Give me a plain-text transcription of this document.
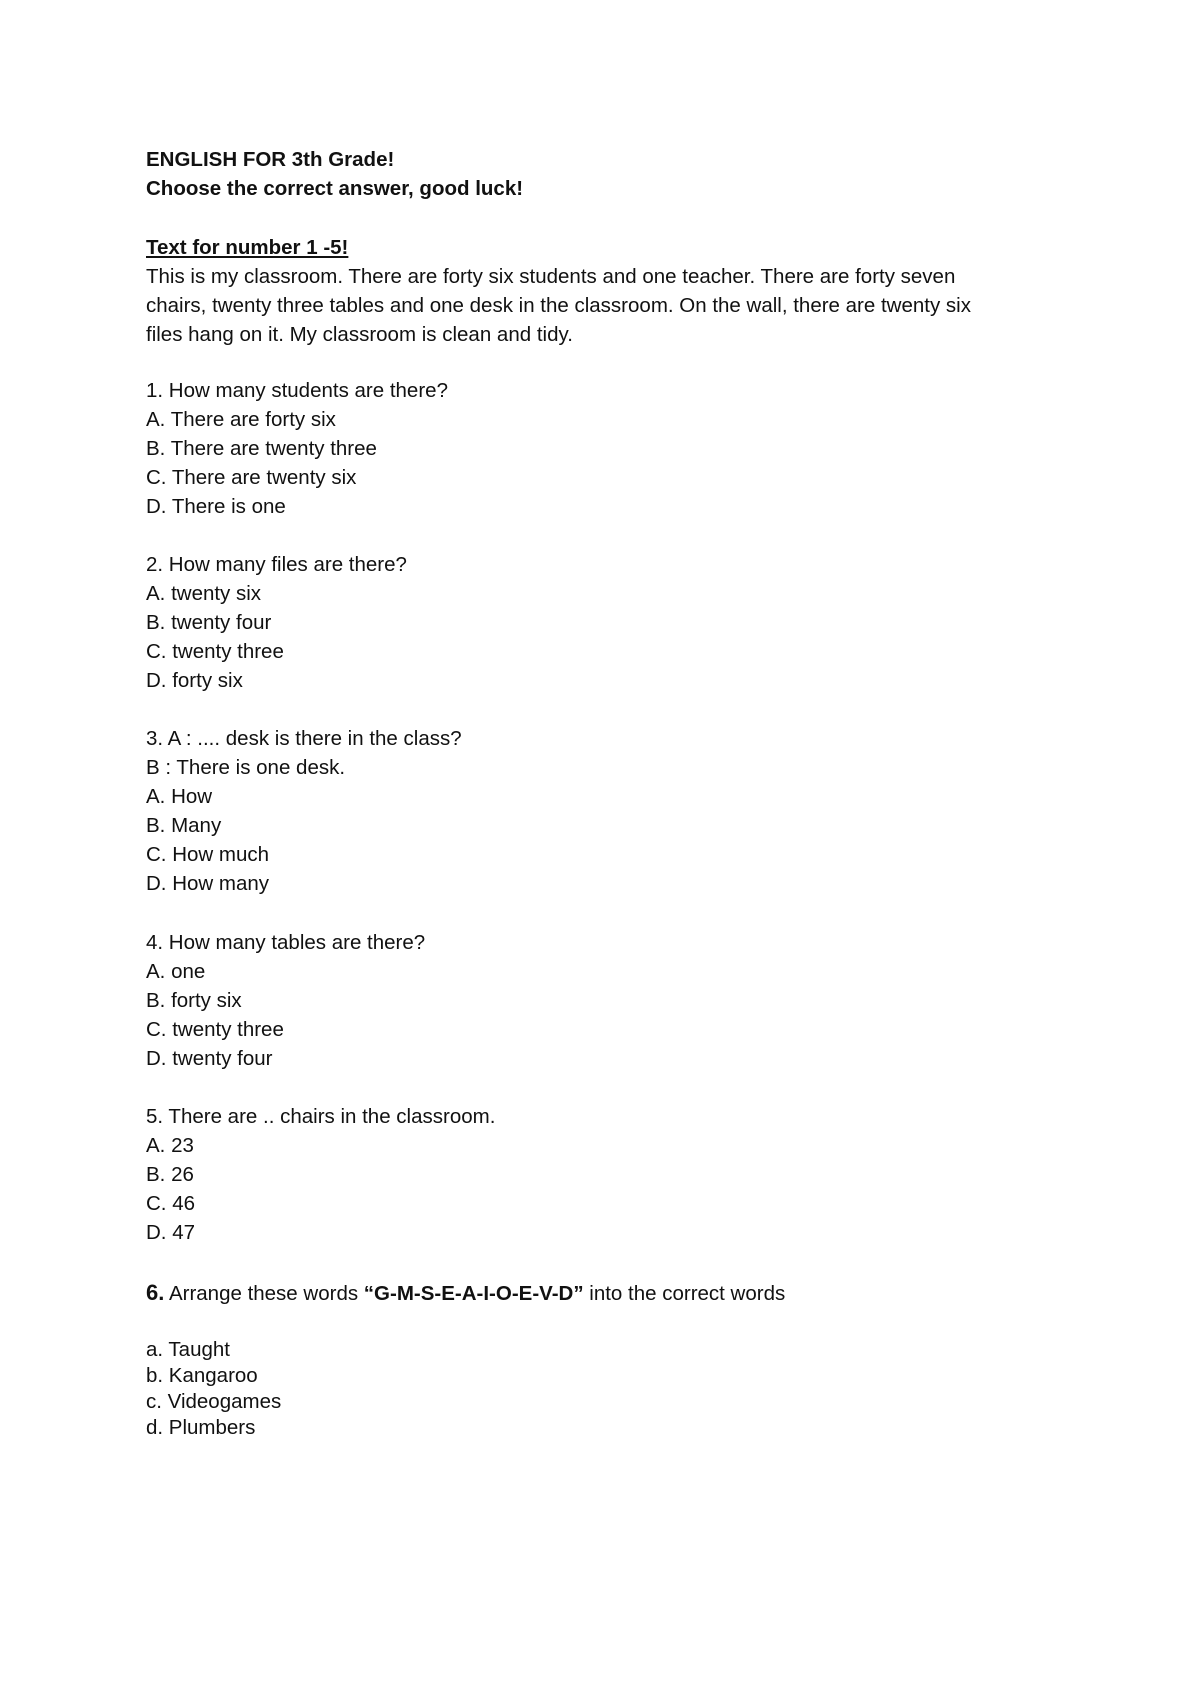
ENGLISH FOR 3th Grade!
Choose the correct answer, good luck!
Text for number 1 -5!
This is my classroom. There are forty six students and one teacher. There are forty seven
chairs, twenty three tables and one desk in the classroom. On the wall, there are twenty six
files hang on it. My classroom is clean and tidy.
1. How many students are there?
A. There are forty six
B. There are twenty three
C. There are twenty six
D. There is one
2. How many files are there?
A. twenty six
B. twenty four
C. twenty three
D. forty six
3. A : .... desk is there in the class?
B : There is one desk.
A. How
B. Many
C. How much
D. How many
4. How many tables are there?
A. one
B. forty six
C. twenty three
D. twenty four
5. There are .. chairs in the classroom.
A. 23
B. 26
C. 46
D. 47
6. Arrange these words “G-M-S-E-A-I-O-E-V-D” into the correct words
a. Taught
b. Kangaroo
c. Videogames
d. Plumbers
